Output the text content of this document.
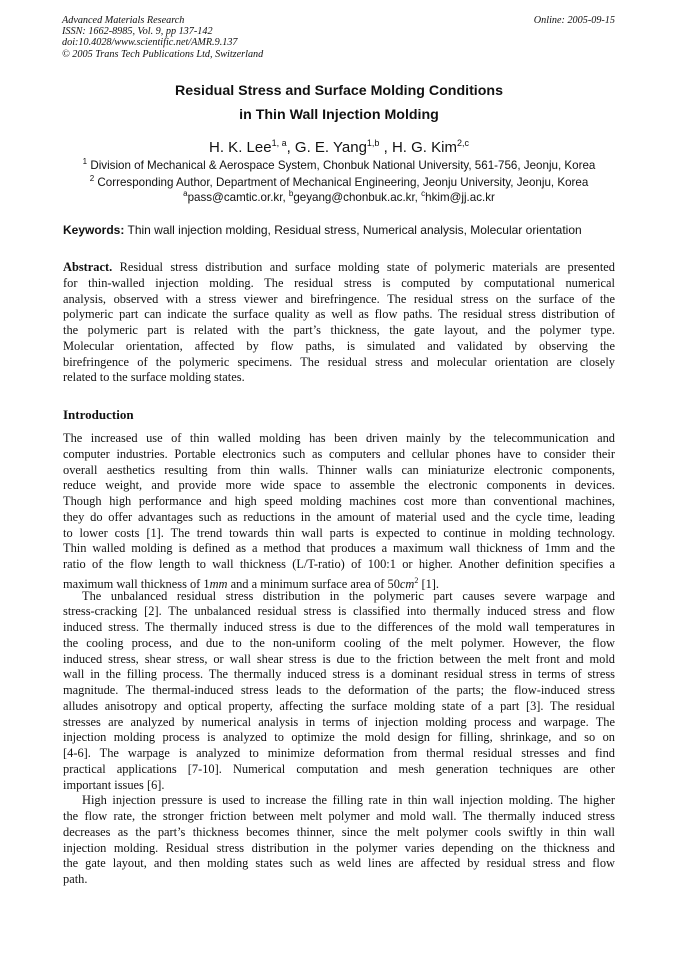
Advanced Materials Research
ISSN: 1662-8985, Vol. 9, pp 137-142
doi:10.4028/www.scientific.net/AMR.9.137
© 2005 Trans Tech Publications Ltd, Switzerland
Online: 2005-09-15
Residual Stress and Surface Molding Conditions
in Thin Wall Injection Molding
H. K. Lee$^{1, a}$, G. E. Yang$^{1,b}$ , H. G. Kim$^{2,c}$
$^1$ Division of Mechanical & Aerospace System, Chonbuk National University, 561-756, Jeonju, Korea
$^2$ Corresponding Author, Department of Mechanical Engineering, Jeonju University, Jeonju, Korea
$^a$pass@camtic.or.kr, $^b$geyang@chonbuk.ac.kr, $^c$hkim@jj.ac.kr
Keywords: Thin wall injection molding, Residual stress, Numerical analysis, Molecular orientation
Abstract. Residual stress distribution and surface molding state of polymeric materials are presented
for thin-walled injection molding. The residual stress is computed by computational numerical
analysis, observed with a stress viewer and birefringence. The residual stress on the surface of the
polymeric part can indicate the surface quality as well as flow paths. The residual stress distribution of
the polymeric part is related with the part’s thickness, the gate layout, and the polymer type.
Molecular orientation, affected by flow paths, is simulated and validated by observing the
birefringence of the polymeric specimens. The residual stress and molecular orientation are closely
related to the surface molding states.
Introduction
The increased use of thin walled molding has been driven mainly by the telecommunication and
computer industries. Portable electronics such as computers and cellular phones have to consider their
overall aesthetics resulting from thin walls. Thinner walls can miniaturize electronic components,
reduce weight, and provide more wide space to assemble the electronic components in devices.
Though high performance and high speed molding machines cost more than conventional machines,
they do offer advantages such as reductions in the amount of material used and the cycle time, leading
to lower costs [1]. The trend towards thin wall parts is expected to continue in molding technology.
Thin walled molding is defined as a method that produces a maximum wall thickness of 1mm and the
ratio of the flow length to wall thickness (L/T-ratio) of 100:1 or higher. Another definition specifies a
maximum wall thickness of 1mm and a minimum surface area of $50cm^2$ [1].
The unbalanced residual stress distribution in the polymeric part causes severe warpage and
stress-cracking [2]. The unbalanced residual stress is classified into thermally induced stress and flow
induced stress. The thermally induced stress is due to the differences of the mold wall temperatures in
the cooling process, and due to the non-uniform cooling of the melt polymer. However, the flow
induced stress, shear stress, or wall shear stress is due to the friction between the melt front and mold
wall in the filling process. The thermally induced stress is a dominant residual stress in terms of stress
magnitude. The thermal-induced stress leads to the deformation of the parts; the flow-induced stress
alludes anisotropy and optical property, affecting the surface molding state of a part [3]. The residual
stresses are analyzed by numerical analysis in terms of injection molding process and warpage. The
injection molding process is analyzed to optimize the mold design for filling, shrinkage, and so on
[4-6]. The warpage is analyzed to minimize deformation from thermal residual stresses and find
practical applications [7-10]. Numerical computation and mesh generation techniques are other
important issues [6].
High injection pressure is used to increase the filling rate in thin wall injection molding. The higher
the flow rate, the stronger friction between melt polymer and mold wall. The thermally induced stress
decreases as the part’s thickness becomes thinner, since the melt polymer cools swiftly in thin wall
injection molding. Residual stress distribution in the polymer varies depending on the thickness and
the gate layout, and then molding states such as weld lines are affected by residual stress and flow
path.
